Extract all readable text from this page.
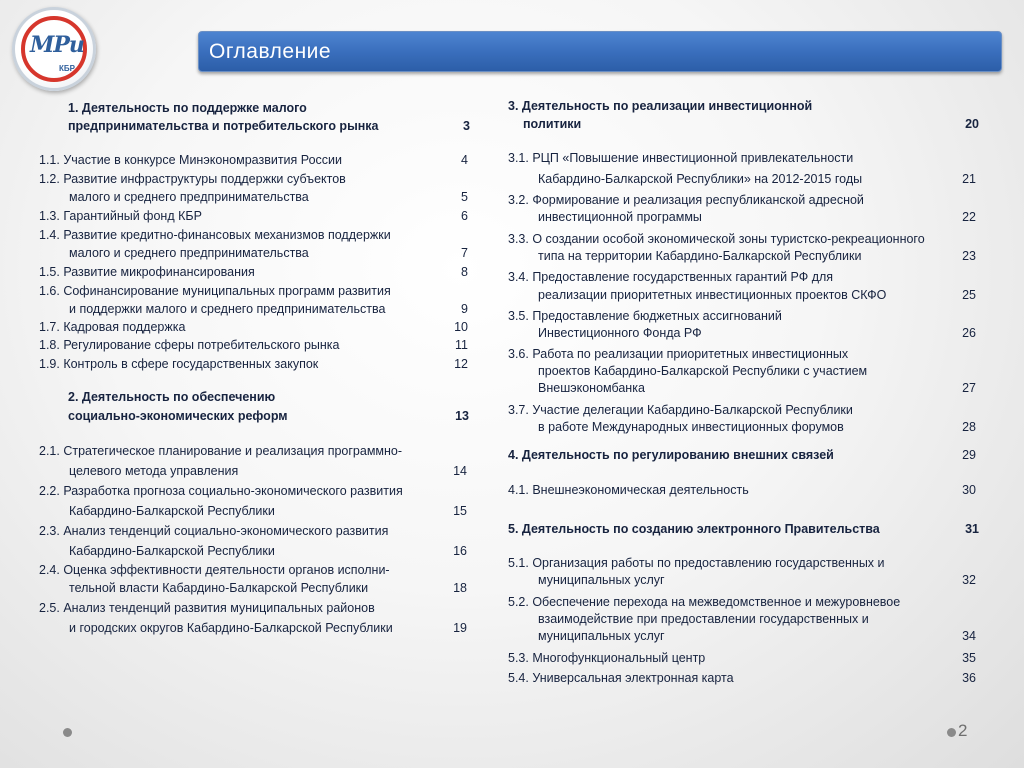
МРи
КБР
Оглавление
1. Деятельность по поддержке малого
предпринимательства и потребительского рынка	3
1.1. Участие в конкурсе Минэкономразвития России	4
1.2. Развитие инфраструктуры поддержки субъектов
малого и среднего предпринимательства	5
1.3. Гарантийный фонд КБР	6
1.4. Развитие кредитно-финансовых механизмов поддержки
малого и среднего предпринимательства	7
1.5. Развитие микрофинансирования	8
1.6. Софинансирование муниципальных программ развития
и поддержки малого и среднего предпринимательства	9
1.7. Кадровая поддержка	10
1.8. Регулирование сферы потребительского рынка	11
1.9. Контроль в сфере государственных закупок	12
2. Деятельность по обеспечению
социально-экономических реформ	13
2.1. Стратегическое планирование и реализация программно-
целевого метода управления	14
2.2. Разработка прогноза социально-экономического развития
Кабардино-Балкарской Республики	15
2.3. Анализ тенденций социально-экономического развития
Кабардино-Балкарской Республики	16
2.4. Оценка эффективности деятельности органов исполни-
тельной власти Кабардино-Балкарской Республики	18
2.5. Анализ тенденций развития муниципальных районов
и городских округов Кабардино-Балкарской Республики	19
3. Деятельность по реализации инвестиционной
политики	20
3.1. РЦП «Повышение инвестиционной привлекательности
Кабардино-Балкарской Республики» на 2012-2015 годы	21
3.2. Формирование и реализация республиканской адресной
инвестиционной программы	22
3.3. О создании особой экономической зоны туристско-рекреационного
типа на территории Кабардино-Балкарской Республики	23
3.4. Предоставление государственных гарантий РФ для
реализации приоритетных инвестиционных проектов СКФО	25
3.5. Предоставление бюджетных ассигнований
Инвестиционного Фонда РФ	26
3.6. Работа по реализации приоритетных инвестиционных
проектов Кабардино-Балкарской Республики с участием
Внешэкономбанка	27
3.7. Участие делегации Кабардино-Балкарской Республики
в работе Международных инвестиционных форумов	28
4. Деятельность по регулированию внешних связей	29
4.1. Внешнеэкономическая деятельность	30
5. Деятельность по созданию электронного Правительства	31
5.1. Организация работы по предоставлению государственных и
муниципальных услуг	32
5.2. Обеспечение перехода на межведомственное и межуровневое
взаимодействие при предоставлении государственных и
муниципальных услуг	34
5.3. Многофункциональный центр	35
5.4. Универсальная электронная карта	36
2
